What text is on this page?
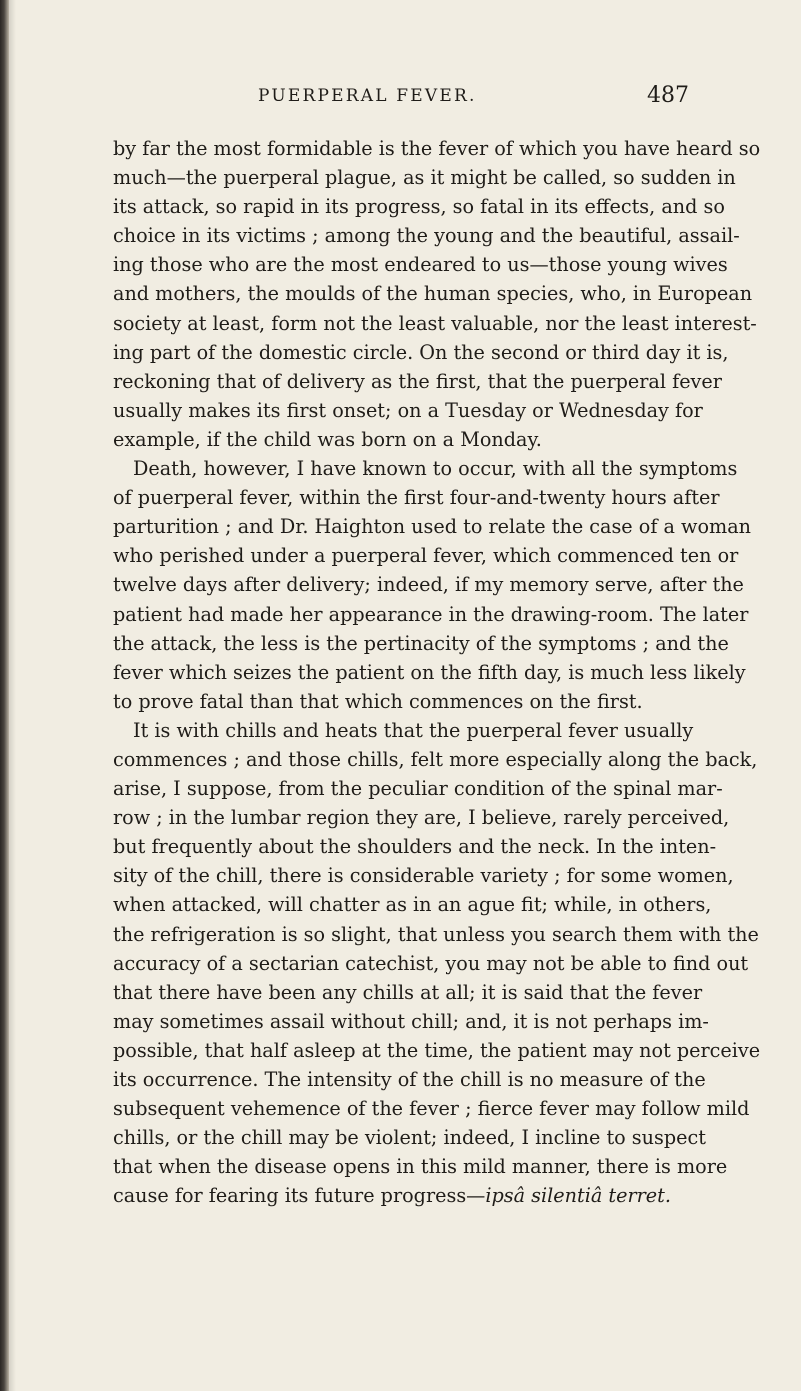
PUERPERAL FEVER.	487
by far the most formidable is the fever of which you have heard so
much—the puerperal plague, as it might be called, so sudden in
its attack, so rapid in its progress, so fatal in its effects, and so
choice in its victims ; among the young and the beautiful, assail-
ing those who are the most endeared to us—those young wives
and mothers, the moulds of the human species, who, in European
society at least, form not the least valuable, nor the least interest-
ing part of the domestic circle. On the second or third day it is,
reckoning that of delivery as the first, that the puerperal fever
usually makes its first onset; on a Tuesday or Wednesday for
example, if the child was born on a Monday.
Death, however, I have known to occur, with all the symptoms
of puerperal fever, within the first four-and-twenty hours after
parturition ; and Dr. Haighton used to relate the case of a woman
who perished under a puerperal fever, which commenced ten or
twelve days after delivery; indeed, if my memory serve, after the
patient had made her appearance in the drawing-room. The later
the attack, the less is the pertinacity of the symptoms ; and the
fever which seizes the patient on the fifth day, is much less likely
to prove fatal than that which commences on the first.
It is with chills and heats that the puerperal fever usually
commences ; and those chills, felt more especially along the back,
arise, I suppose, from the peculiar condition of the spinal mar-
row ; in the lumbar region they are, I believe, rarely perceived,
but frequently about the shoulders and the neck. In the inten-
sity of the chill, there is considerable variety ; for some women,
when attacked, will chatter as in an ague fit; while, in others,
the refrigeration is so slight, that unless you search them with the
accuracy of a sectarian catechist, you may not be able to find out
that there have been any chills at all; it is said that the fever
may sometimes assail without chill; and, it is not perhaps im-
possible, that half asleep at the time, the patient may not perceive
its occurrence. The intensity of the chill is no measure of the
subsequent vehemence of the fever ; fierce fever may follow mild
chills, or the chill may be violent; indeed, I incline to suspect
that when the disease opens in this mild manner, there is more
cause for fearing its future progress—ipsâ silentiâ terret.
